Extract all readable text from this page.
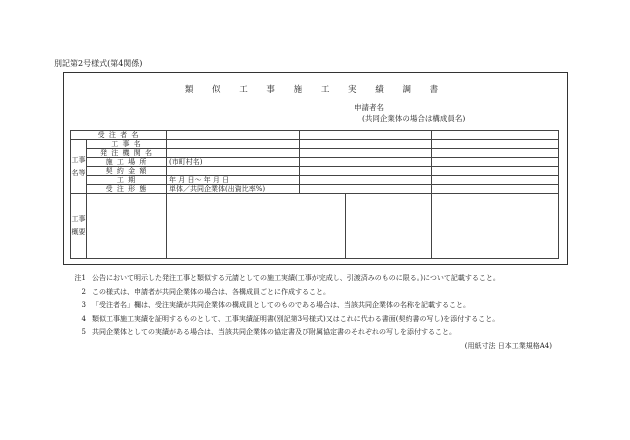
別記第2号様式(第4関係)
類 似 工 事 施 工 実 績 調 書
申請者名
(共同企業体の場合は構成員名)
受 注 者 名					
工事名等	工 事 名				
	発 注 機 関 名				
	施 工 場 所	(市町村名)			
	契 約 金 額				
	工 期	年 月 日～ 年 月 日			
	受 注 形 態	単体／共同企業体(出資比率%)			
工事概要					
注1 公告において明示した発注工事と類似する元請としての施工実績(工事が完成し、引渡済みのものに限る。)について記載すること。
2 この様式は、申請者が共同企業体の場合は、各構成員ごとに作成すること。
3 「受注者名」欄は、受注実績が共同企業体の構成員としてのものである場合は、当該共同企業体の名称を記載すること。
4 類似工事施工実績を証明するものとして、工事実績証明書(別記第3号様式)又はこれに代わる書面(契約書の写し)を添付すること。
5 共同企業体としての実績がある場合は、当該共同企業体の協定書及び附属協定書のそれぞれの写しを添付すること。
(用紙寸法 日本工業規格A4)
